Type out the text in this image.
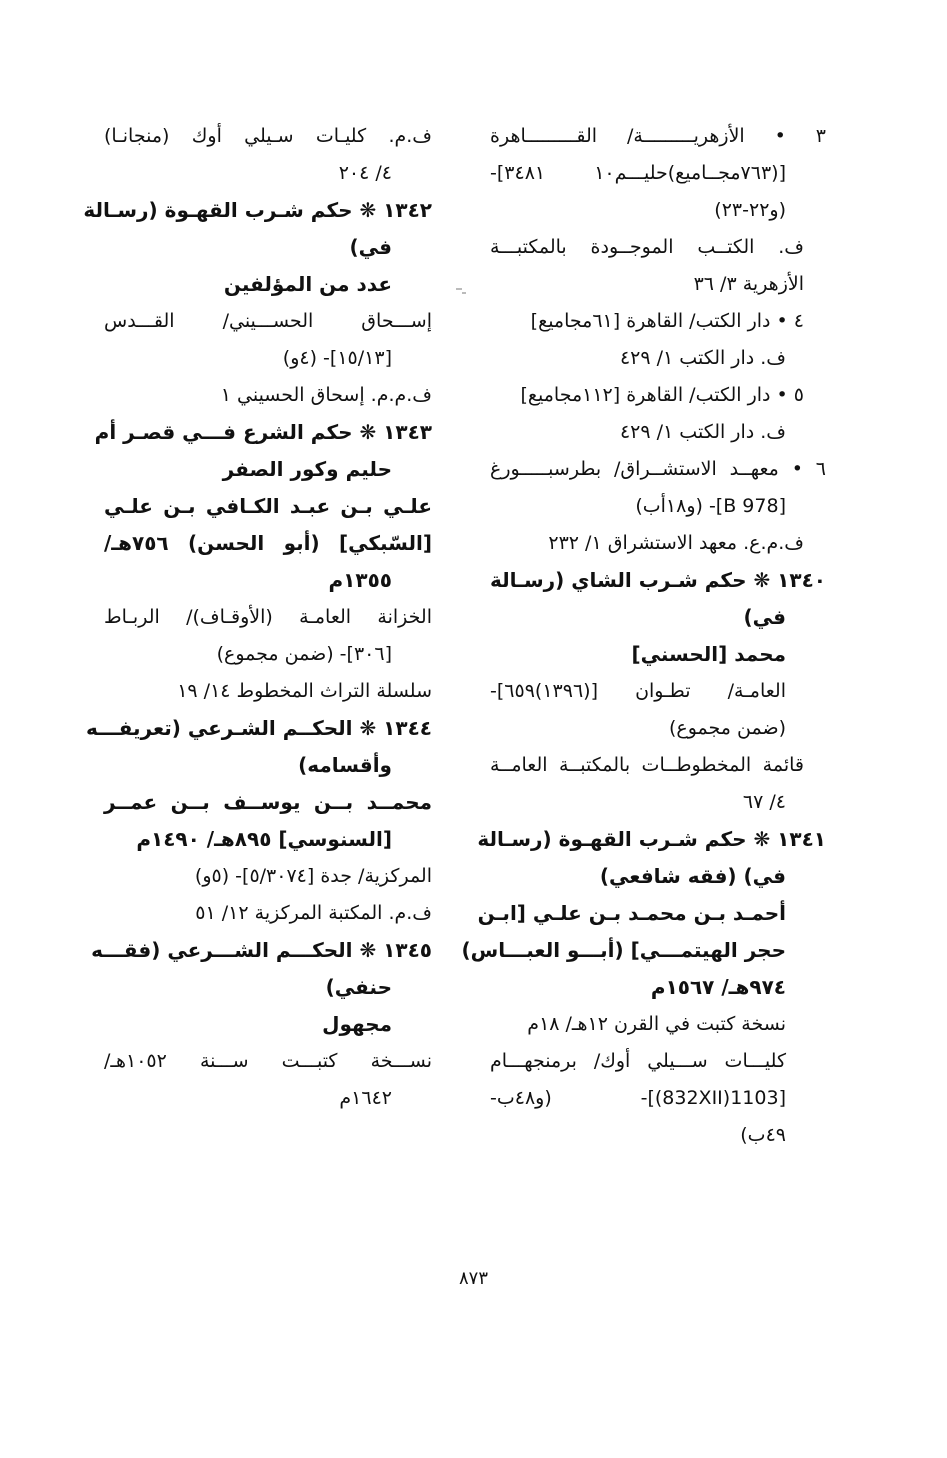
٣ • الأزهريـــــــــة/ القـــــــــاهرة
[(٧٦٣مجــاميع)حليـــم١٠ ٣٤٨١]-
(و٢٢-٢٣)
ف. الكتــب الموجــودة بالمكتبـــة
الأزهرية ٣/ ٣٦
٤ • دار الكتب/ القاهرة [٦١مجاميع]
ف. دار الكتب ١/ ٤٢٩
٥ • دار الكتب/ القاهرة [١١٢مجاميع]
ف. دار الكتب ١/ ٤٢٩
٦ • معهــد الاستشــراق/ بطرسبـــــورغ
[B 978]- (و١٨أب)
ف.م.ع. معهد الاستشراق ١/ ٢٣٢
١٣٤٠ ❋ حكم شـرب الشاي (رسـالة
في)
محمد [الحسني]
العامـة/ تطـوان [(١٣٩٦)٦٥٩]-
(ضمن مجموع)
قائمة المخطوطــات بالمكتبــة العامــة
٤/ ٦٧
١٣٤١ ❋ حكم شـرب القهـوة (رسـالة
في) (فقه شافعي)
أحمـد بـن محمـد بـن علـي [ابـن
حجر الهيتمـــي] (أبـــو العبـــاس)
٩٧٤هـ/ ١٥٦٧م
نسخة كتبت في القرن ١٢هـ/ ١٨م
كليـــات ســـيلي أوك/ برمنجهـــام
[1103(832XII)]- (و٤٨ب-
٤٩ب)
ف.م. كليـات سـيلي أوك (منجانـا)
٤/ ٢٠٤
١٣٤٢ ❋ حكم شـرب القهـوة (رسـالة
في)
عدد من المؤلفين
إســـحاق الحســـيني/ القـــدس
[١٥/١٣]- (٤و)
ف.م.م. إسحاق الحسيني ١
١٣٤٣ ❋ حكم الشرع فـــي قصـر أم
حليم وكور الصفر
علـي بـن عبـد الكـافي بـن علـي
[السّبكي] (أبو الحسن) ٧٥٦هـ/
١٣٥٥م
الخزانة العامـة (الأوقـاف)/ الربـاط
[٣٠٦]- (ضمن مجموع)
سلسلة التراث المخطوط ١٤/ ١٩
١٣٤٤ ❋ الحكــم الشـرعي (تعريفـــه
وأقسامه)
محمــد بــن يوســف بــن عمــر
[السنوسي] ٨٩٥هـ/ ١٤٩٠م
المركزية/ جدة [٥/٣٠٧٤]- (٥و)
ف.م. المكتبة المركزية ١٢/ ٥١
١٣٤٥ ❋ الحكـــم الشـــرعي (فقـــه
حنفي)
مجهول
نســـخة كتبـــت ســـنة ١٠٥٢هـ/
١٦٤٢م
٨٧٣
